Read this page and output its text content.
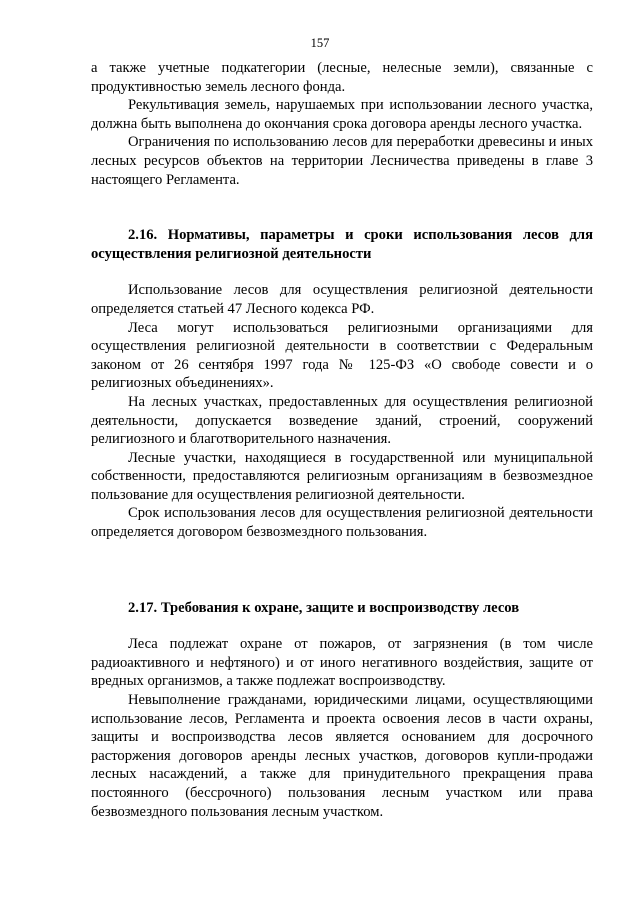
157

а также учетные подкатегории (лесные, нелесные земли), связанные с продуктивностью земель лесного фонда.

Рекультивация земель, нарушаемых при использовании лесного участка, должна быть выполнена до окончания срока договора аренды лесного участка.

Ограничения по использованию лесов для переработки древесины и иных лесных ресурсов объектов на территории Лесничества приведены в главе 3 настоящего Регламента.

2.16. Нормативы, параметры и сроки использования лесов для осуществления религиозной деятельности

Использование лесов для осуществления религиозной деятельности определяется статьей 47 Лесного кодекса РФ.

Леса могут использоваться религиозными организациями для осуществления религиозной деятельности в соответствии с Федеральным законом от 26 сентября 1997 года № 125-ФЗ «О свободе совести и о религиозных объединениях».

На лесных участках, предоставленных для осуществления религиозной деятельности, допускается возведение зданий, строений, сооружений религиозного и благотворительного назначения.

Лесные участки, находящиеся в государственной или муниципальной собственности, предоставляются религиозным организациям в безвозмездное пользование для осуществления религиозной деятельности.

Срок использования лесов для осуществления религиозной деятельности определяется договором безвозмездного пользования.

2.17. Требования к охране, защите и воспроизводству лесов

Леса подлежат охране от пожаров, от загрязнения (в том числе радиоактивного и нефтяного) и от иного негативного воздействия, защите от вредных организмов, а также подлежат воспроизводству.

Невыполнение гражданами, юридическими лицами, осуществляющими использование лесов, Регламента и проекта освоения лесов в части охраны, защиты и воспроизводства лесов является основанием для досрочного расторжения договоров аренды лесных участков, договоров купли-продажи лесных насаждений, а также для принудительного прекращения права постоянного (бессрочного) пользования лесным участком или права безвозмездного пользования лесным участком.
